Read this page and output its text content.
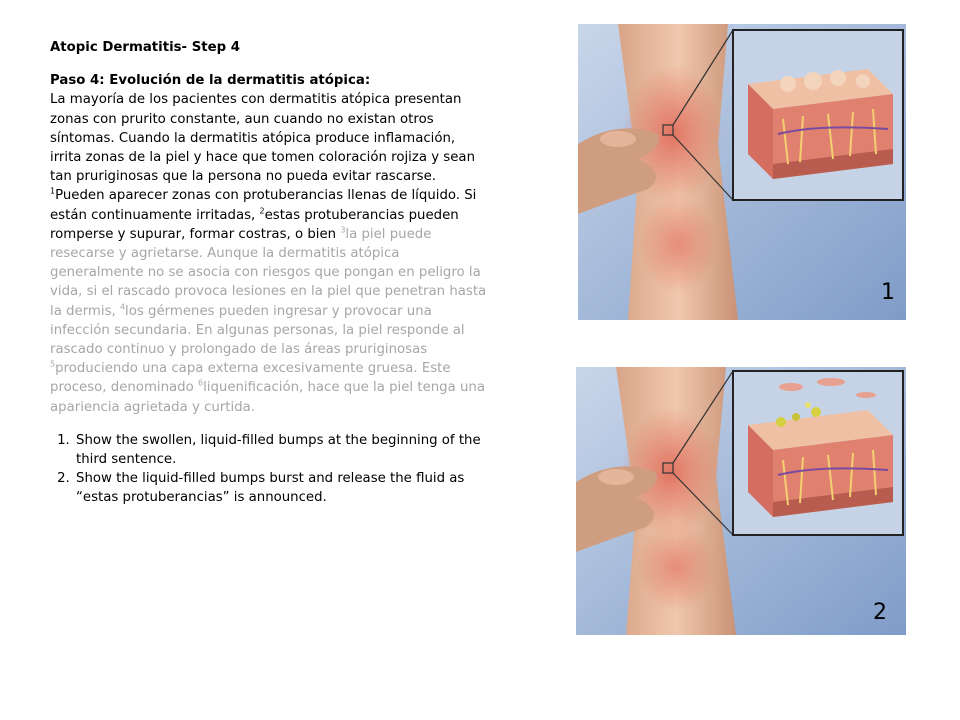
Atopic Dermatitis- Step 4

Paso 4: Evolución de la dermatitis atópica:

La mayoría de los pacientes con dermatitis atópica presentan zonas con prurito constante, aun cuando no existan otros síntomas. Cuando la dermatitis atópica produce inflamación, irrita zonas de la piel y hace que tomen coloración rojiza y sean tan pruriginosas que la persona no pueda evitar rascarse. $^1$Pueden aparecer zonas con protuberancias llenas de líquido. Si están continuamente irritadas, $^2$estas protuberancias pueden romperse y supurar, formar costras, o bien $^3$la piel puede resecarse y agrietarse. Aunque la dermatitis atópica generalmente no se asocia con riesgos que pongan en peligro la vida, si el rascado provoca lesiones en la piel que penetran hasta la dermis, $^4$los gérmenes pueden ingresar y provocar una infección secundaria. En algunas personas, la piel responde al rascado continuo y prolongado de las áreas pruriginosas $^5$produciendo una capa externa excesivamente gruesa. Este proceso, denominado $^6$liquenificación, hace que la piel tenga una apariencia agrietada y curtida.

1. Show the swollen, liquid-filled bumps at the beginning of the third sentence.
2. Show the liquid-filled bumps burst and release the fluid as “estas protuberancias” is announced.
1
2
